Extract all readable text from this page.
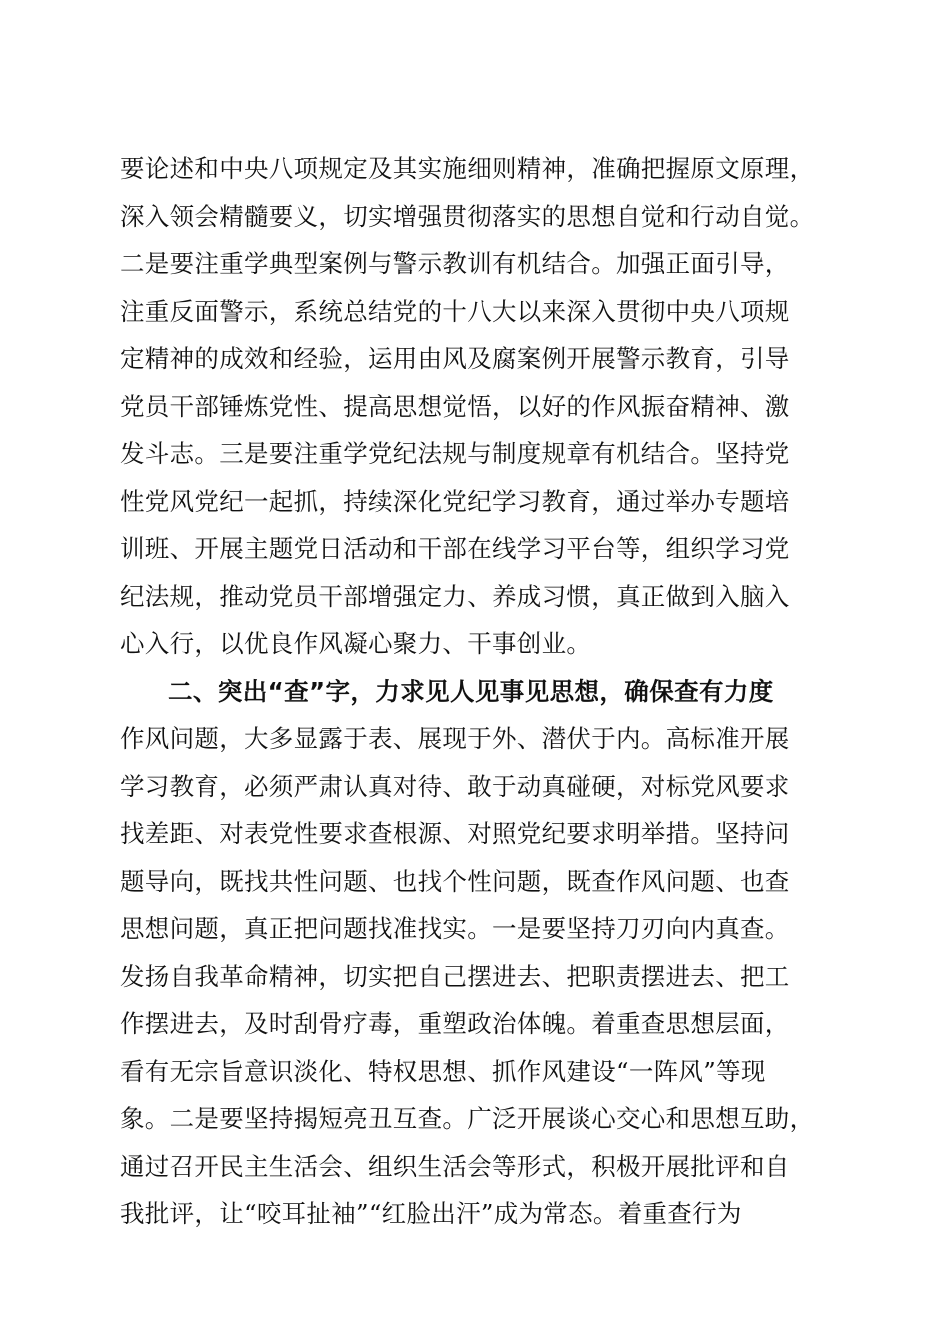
要论述和中央八项规定及其实施细则精神，准确把握原文原理，
深入领会精髓要义，切实增强贯彻落实的思想自觉和行动自觉。
二是要注重学典型案例与警示教训有机结合。加强正面引导，
注重反面警示，系统总结党的十八大以来深入贯彻中央八项规
定精神的成效和经验，运用由风及腐案例开展警示教育，引导
党员干部锤炼党性、提高思想觉悟，以好的作风振奋精神、激
发斗志。三是要注重学党纪法规与制度规章有机结合。坚持党
性党风党纪一起抓，持续深化党纪学习教育，通过举办专题培
训班、开展主题党日活动和干部在线学习平台等，组织学习党
纪法规，推动党员干部增强定力、养成习惯，真正做到入脑入
心入行，以优良作风凝心聚力、干事创业。
二、突出“查”字，力求见人见事见思想，确保查有力度
作风问题，大多显露于表、展现于外、潜伏于内。高标准开展
学习教育，必须严肃认真对待、敢于动真碰硬，对标党风要求
找差距、对表党性要求查根源、对照党纪要求明举措。坚持问
题导向，既找共性问题、也找个性问题，既查作风问题、也查
思想问题，真正把问题找准找实。一是要坚持刀刃向内真查。
发扬自我革命精神，切实把自己摆进去、把职责摆进去、把工
作摆进去，及时刮骨疗毒，重塑政治体魄。着重查思想层面，
看有无宗旨意识淡化、特权思想、抓作风建设“一阵风”等现
象。二是要坚持揭短亮丑互查。广泛开展谈心交心和思想互助，
通过召开民主生活会、组织生活会等形式，积极开展批评和自
我批评，让“咬耳扯袖”“红脸出汗”成为常态。着重查行为
